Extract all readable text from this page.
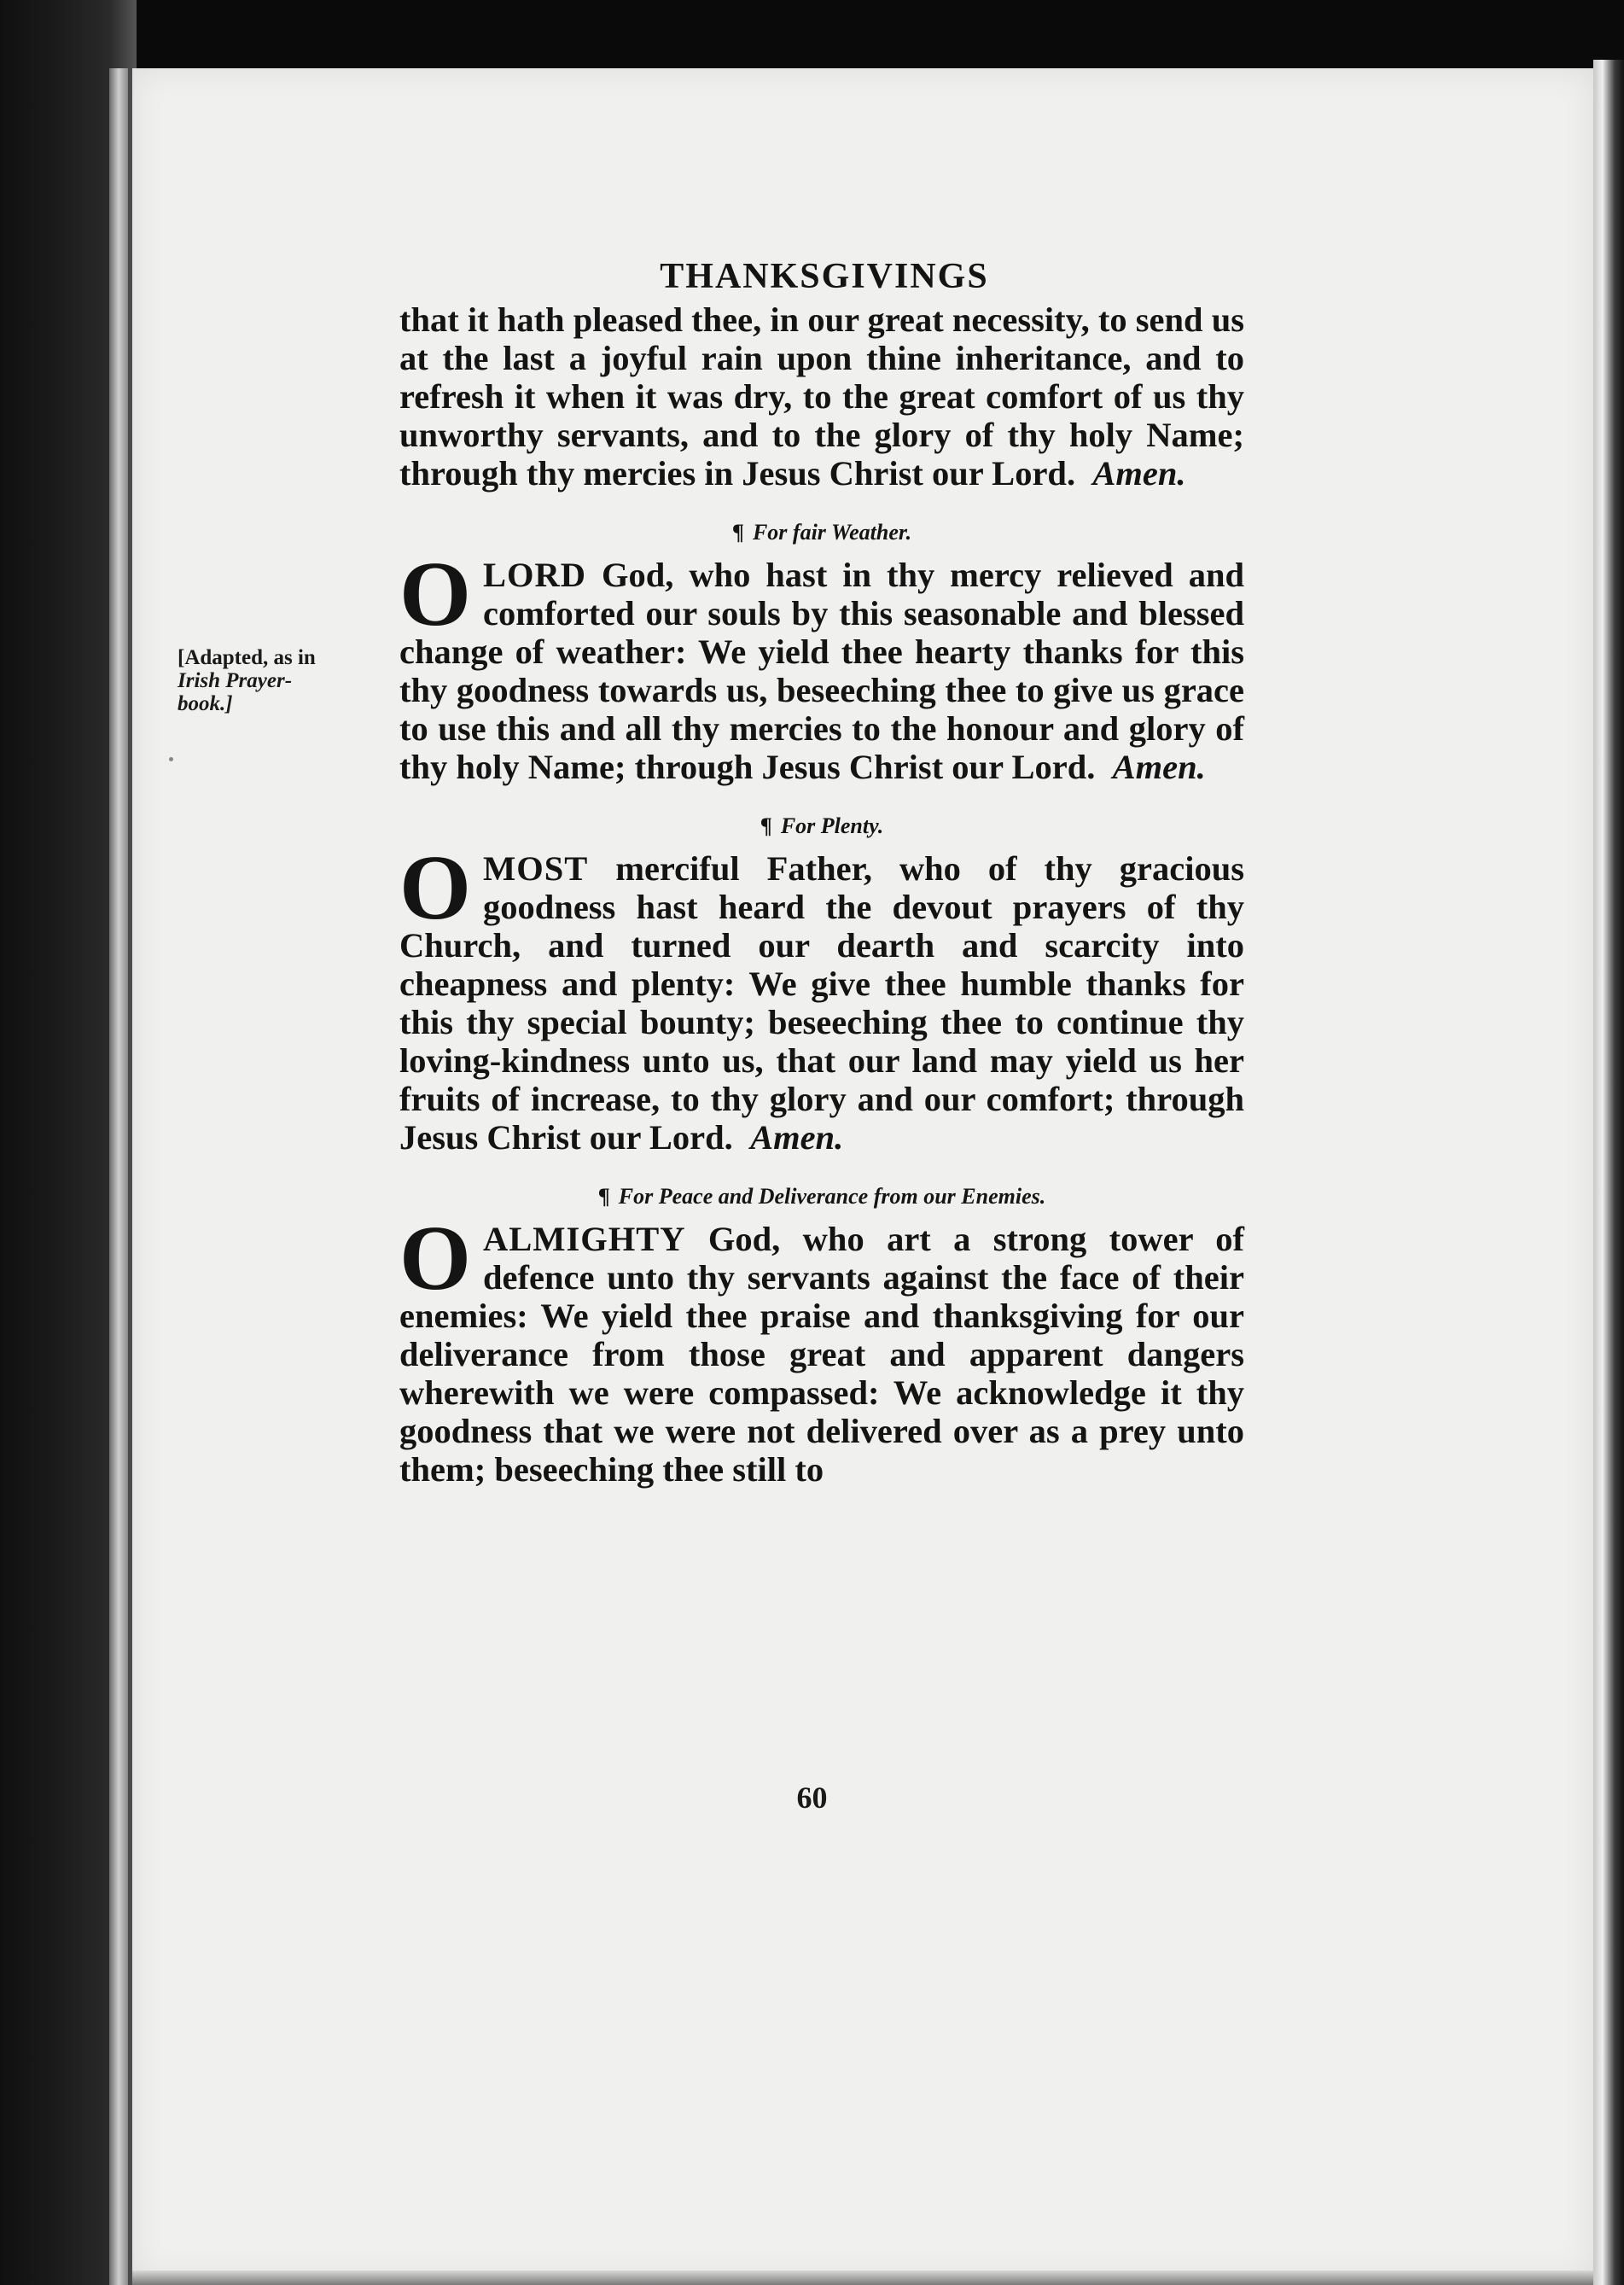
[Adapted, as in
Irish Prayer-
book.]
THANKSGIVINGS

that it hath pleased thee, in our great necessity, to send us at the last a joyful rain upon thine inheritance, and to refresh it when it was dry, to the great comfort of us thy unworthy servants, and to the glory of thy holy Name; through thy mercies in Jesus Christ our Lord. Amen.

¶ For fair Weather.

OLORD God, who hast in thy mercy relieved and comforted our souls by this seasonable and blessed change of weather: We yield thee hearty thanks for this thy goodness towards us, beseeching thee to give us grace to use this and all thy mercies to the honour and glory of thy holy Name; through Jesus Christ our Lord. Amen.

¶ For Plenty.

OMOST merciful Father, who of thy gracious goodness hast heard the devout prayers of thy Church, and turned our dearth and scarcity into cheapness and plenty: We give thee humble thanks for this thy special bounty; beseeching thee to continue thy loving-kindness unto us, that our land may yield us her fruits of increase, to thy glory and our comfort; through Jesus Christ our Lord. Amen.

¶ For Peace and Deliverance from our Enemies.

OALMIGHTY God, who art a strong tower of defence unto thy servants against the face of their enemies: We yield thee praise and thanksgiving for our deliverance from those great and apparent dangers wherewith we were compassed: We acknowledge it thy goodness that we were not delivered over as a prey unto them; beseeching thee still to

60
